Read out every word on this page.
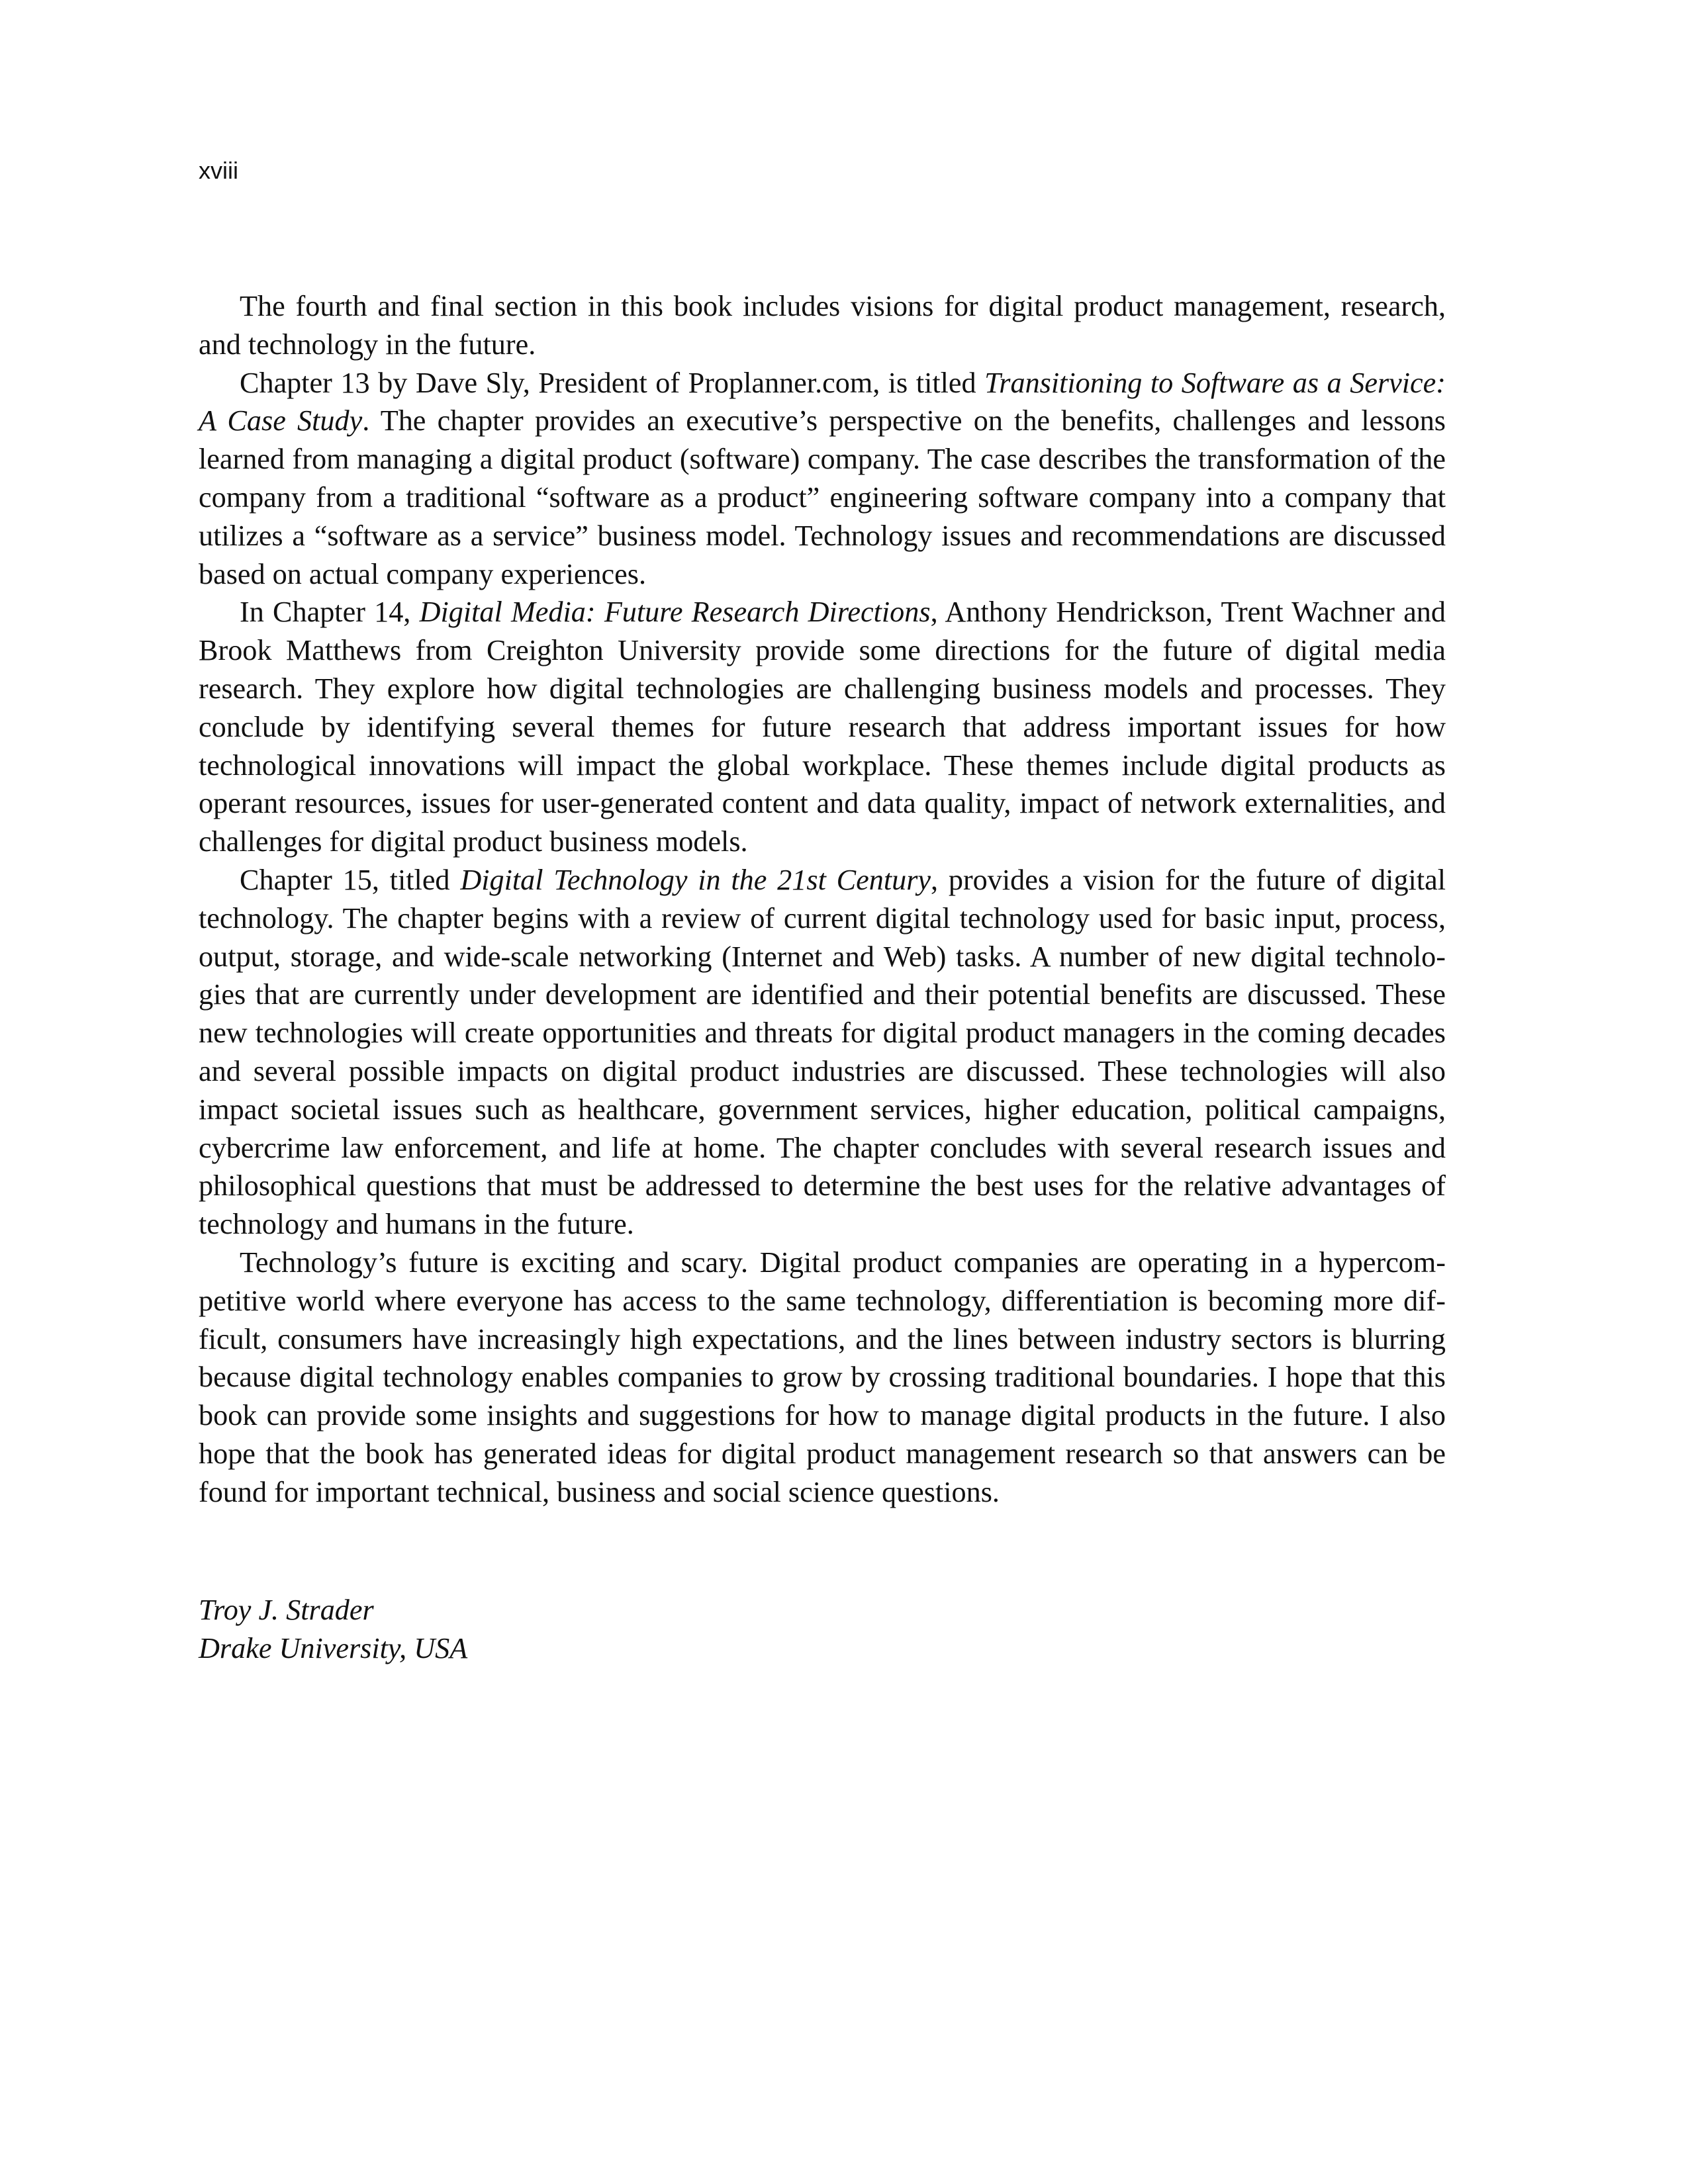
xviii

The fourth and final section in this book includes visions for digital product management, research, and technology in the future.

Chapter 13 by Dave Sly, President of Proplanner.com, is titled Transitioning to Software as a Service: A Case Study. The chapter provides an executive’s perspective on the benefits, challenges and lessons learned from managing a digital product (software) company. The case describes the transformation of the company from a traditional “software as a product” engineering software company into a company that utilizes a “software as a service” business model. Technology issues and recommendations are discussed based on actual company experiences.

In Chapter 14, Digital Media: Future Research Directions, Anthony Hendrickson, Trent Wachner and Brook Matthews from Creighton University provide some directions for the future of digital media research. They explore how digital technologies are challenging business models and processes. They conclude by identifying several themes for future research that address important issues for how technological innovations will impact the global workplace. These themes include digital products as operant resources, issues for user-generated content and data quality, impact of network externalities, and challenges for digital product business models.

Chapter 15, titled Digital Technology in the 21st Century, provides a vision for the future of digital technology. The chapter begins with a review of current digital technology used for basic input, process, output, storage, and wide-scale networking (Internet and Web) tasks. A number of new digital technologies that are currently under development are identified and their potential benefits are discussed. These new technologies will create opportunities and threats for digital product managers in the coming decades and several possible impacts on digital product industries are discussed. These technologies will also impact societal issues such as healthcare, government services, higher education, political campaigns, cybercrime law enforcement, and life at home. The chapter concludes with several research issues and philosophical questions that must be addressed to determine the best uses for the relative advantages of technology and humans in the future.

Technology’s future is exciting and scary. Digital product companies are operating in a hypercompetitive world where everyone has access to the same technology, differentiation is becoming more difficult, consumers have increasingly high expectations, and the lines between industry sectors is blurring because digital technology enables companies to grow by crossing traditional boundaries. I hope that this book can provide some insights and suggestions for how to manage digital products in the future. I also hope that the book has generated ideas for digital product management research so that answers can be found for important technical, business and social science questions.

Troy J. Strader
Drake University, USA
